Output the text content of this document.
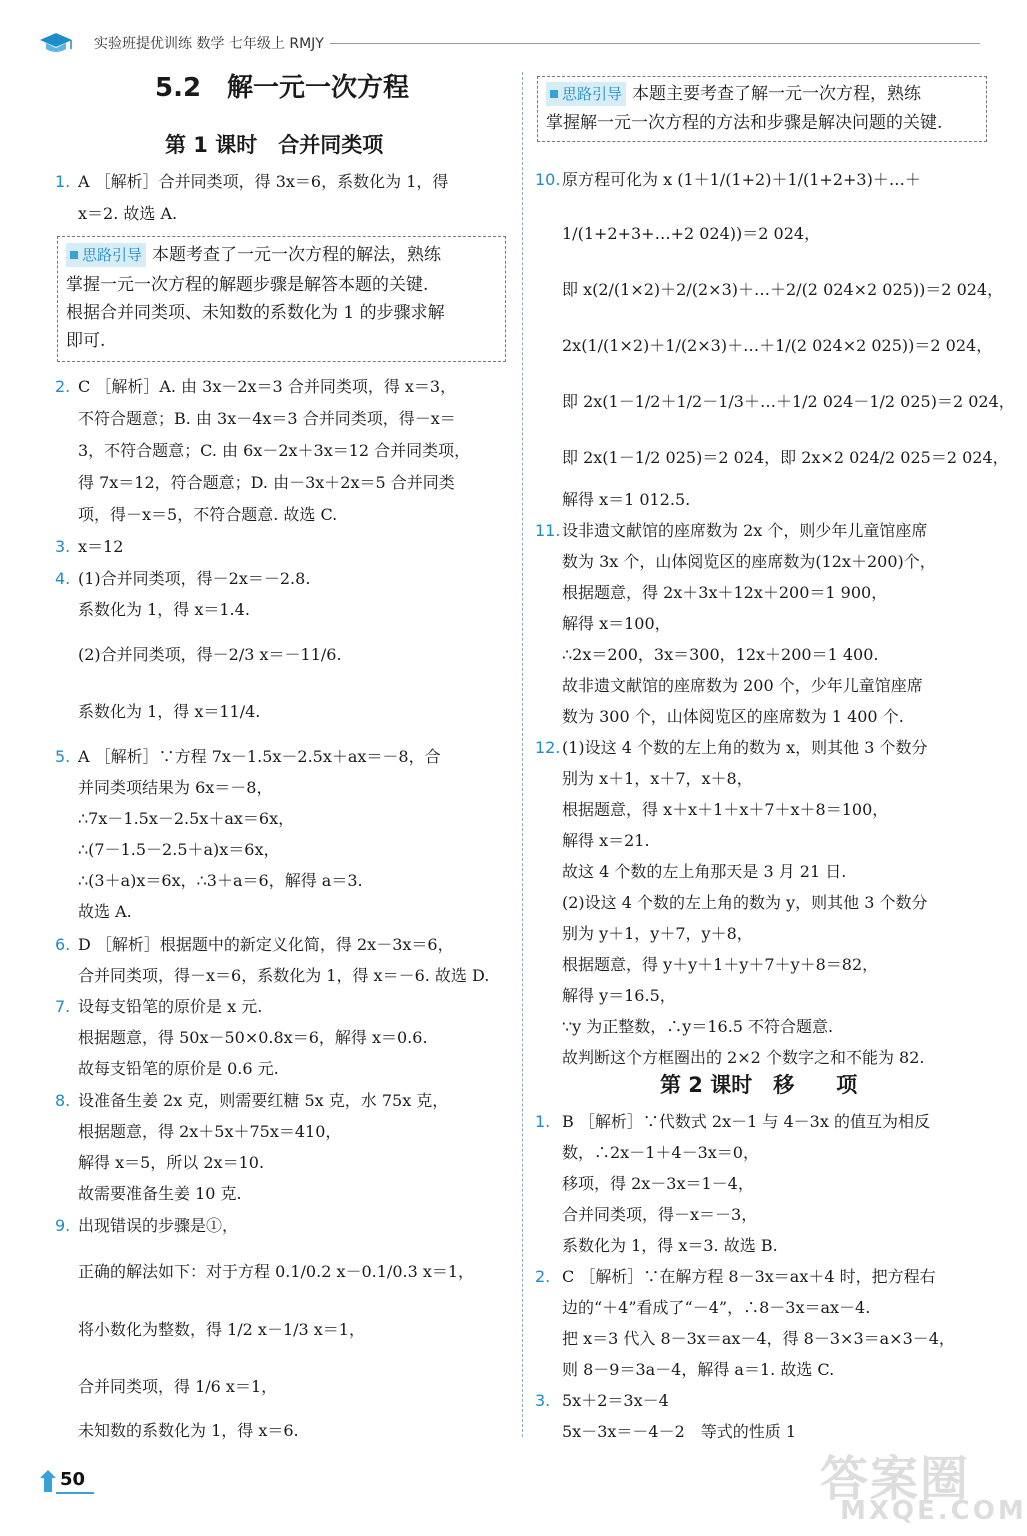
实验班提优训练 数学 七年级上 RMJY
5.2　解一元一次方程
第 1 课时　合并同类项
1. A ［解析］合并同类项，得 3x＝6，系数化为 1，得
x＝2. 故选 A.
2. C ［解析］A. 由 3x－2x＝3 合并同类项，得 x＝3，
不符合题意；B. 由 3x－4x＝3 合并同类项，得－x＝
3，不符合题意；C. 由 6x－2x＋3x＝12 合并同类项，
得 7x＝12，符合题意；D. 由－3x＋2x＝5 合并同类
项，得－x＝5，不符合题意. 故选 C.
3. x＝12
4. (1)合并同类项，得－2x＝－2.8.
系数化为 1，得 x＝1.4.
(2)合并同类项，得－2/3 x＝－11/6.
系数化为 1，得 x＝11/4.
5. A ［解析］∵方程 7x－1.5x－2.5x＋ax＝－8，合
并同类项结果为 6x＝－8，
∴7x－1.5x－2.5x＋ax＝6x，
∴(7－1.5－2.5＋a)x＝6x，
∴(3＋a)x＝6x，∴3＋a＝6，解得 a＝3.
故选 A.
6. D ［解析］根据题中的新定义化简，得 2x－3x＝6，
合并同类项，得－x＝6，系数化为 1，得 x＝－6. 故选 D.
7. 设每支铅笔的原价是 x 元.
根据题意，得 50x－50×0.8x＝6，解得 x＝0.6.
故每支铅笔的原价是 0.6 元.
8. 设准备生姜 2x 克，则需要红糖 5x 克，水 75x 克，
根据题意，得 2x＋5x＋75x＝410，
解得 x＝5，所以 2x＝10.
故需要准备生姜 10 克.
9. 出现错误的步骤是①，
正确的解法如下：对于方程 0.1/0.2 x－0.1/0.3 x＝1，
将小数化为整数，得 1/2 x－1/3 x＝1，
合并同类项，得 1/6 x＝1，
未知数的系数化为 1，得 x＝6.
思路引导 本题考查了一元一次方程的解法，熟练
掌握一元一次方程的解题步骤是解答本题的关键.
根据合并同类项、未知数的系数化为 1 的步骤求解
即可.
思路引导 本题主要考查了解一元一次方程，熟练
掌握解一元一次方程的方法和步骤是解决问题的关键.
第 2 课时　移　　项
10. 原方程可化为 x (1＋1/(1+2)＋1/(1+2+3)＋…＋
1/(1+2+3+…+2 024))＝2 024，
即 x(2/(1×2)＋2/(2×3)＋…＋2/(2 024×2 025))＝2 024，
2x(1/(1×2)＋1/(2×3)＋…＋1/(2 024×2 025))＝2 024，
即 2x(1－1/2＋1/2－1/3＋…＋1/2 024－1/2 025)＝2 024，
即 2x(1－1/2 025)＝2 024，即 2x×2 024/2 025＝2 024，
解得 x＝1 012.5.
11. 设非遗文献馆的座席数为 2x 个，则少年儿童馆座席
数为 3x 个，山体阅览区的座席数为(12x＋200)个，
根据题意，得 2x＋3x＋12x＋200＝1 900，
解得 x＝100，
∴2x＝200，3x＝300，12x＋200＝1 400.
故非遗文献馆的座席数为 200 个，少年儿童馆座席
数为 300 个，山体阅览区的座席数为 1 400 个.
12. (1)设这 4 个数的左上角的数为 x，则其他 3 个数分
别为 x＋1，x＋7，x＋8，
根据题意，得 x＋x＋1＋x＋7＋x＋8＝100，
解得 x＝21.
故这 4 个数的左上角那天是 3 月 21 日.
(2)设这 4 个数的左上角的数为 y，则其他 3 个数分
别为 y＋1，y＋7，y＋8，
根据题意，得 y＋y＋1＋y＋7＋y＋8＝82，
解得 y＝16.5，
∵y 为正整数，∴y＝16.5 不符合题意.
故判断这个方框圈出的 2×2 个数字之和不能为 82.
1. B ［解析］∵代数式 2x－1 与 4－3x 的值互为相反
数，∴2x－1＋4－3x＝0，
移项，得 2x－3x＝1－4，
合并同类项，得－x＝－3，
系数化为 1，得 x＝3. 故选 B.
2. C ［解析］∵在解方程 8－3x＝ax＋4 时，把方程右
边的“＋4”看成了“－4”，∴8－3x＝ax－4.
把 x＝3 代入 8－3x＝ax－4，得 8－3×3＝a×3－4，
则 8－9＝3a－4，解得 a＝1. 故选 C.
3. 5x＋2＝3x－4
5x－3x＝－4－2　等式的性质 1
50	答案圈
MXQE.COM
